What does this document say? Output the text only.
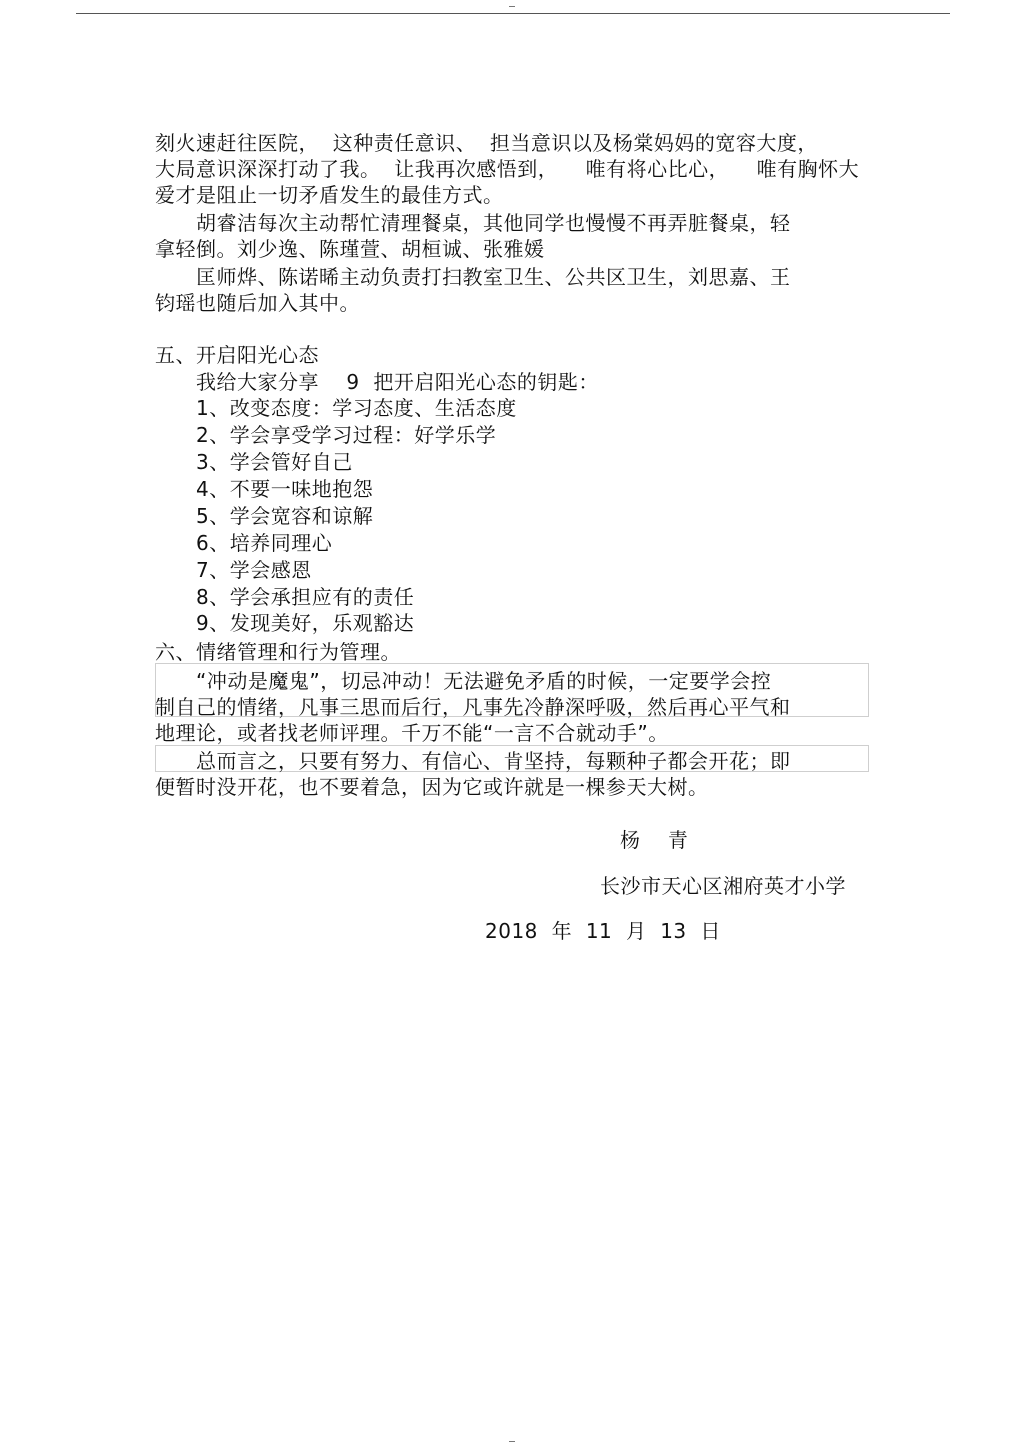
刻火速赶往医院，  这种责任意识、  担当意识以及杨棠妈妈的宽容大度，
大局意识深深打动了我。  让我再次感悟到，    唯有将心比心，    唯有胸怀大
爱才是阻止一切矛盾发生的最佳方式。
胡睿洁每次主动帮忙清理餐桌，其他同学也慢慢不再弄脏餐桌，轻
拿轻倒。刘少逸、陈瑾萱、胡桓诚、张雅媛
匡师烨、陈诺晞主动负责打扫教室卫生、公共区卫生，刘思嘉、王
钧瑶也随后加入其中。
五、开启阳光心态
我给大家分享    9  把开启阳光心态的钥匙：
1、改变态度：学习态度、生活态度
2、学会享受学习过程：好学乐学
3、学会管好自己
4、不要一味地抱怨
5、学会宽容和谅解
6、培养同理心
7、学会感恩
8、学会承担应有的责任
9、发现美好，乐观豁达
六、情绪管理和行为管理。
“冲动是魔鬼”，切忌冲动！无法避免矛盾的时候，一定要学会控
制自己的情绪，凡事三思而后行，凡事先冷静深呼吸，然后再心平气和
地理论，或者找老师评理。千万不能“一言不合就动手”。
总而言之，只要有努力、有信心、肯坚持，每颗种子都会开花；即
便暂时没开花，也不要着急，因为它或许就是一棵参天大树。
杨    青
长沙市天心区湘府英才小学
2018  年  11  月  13  日
